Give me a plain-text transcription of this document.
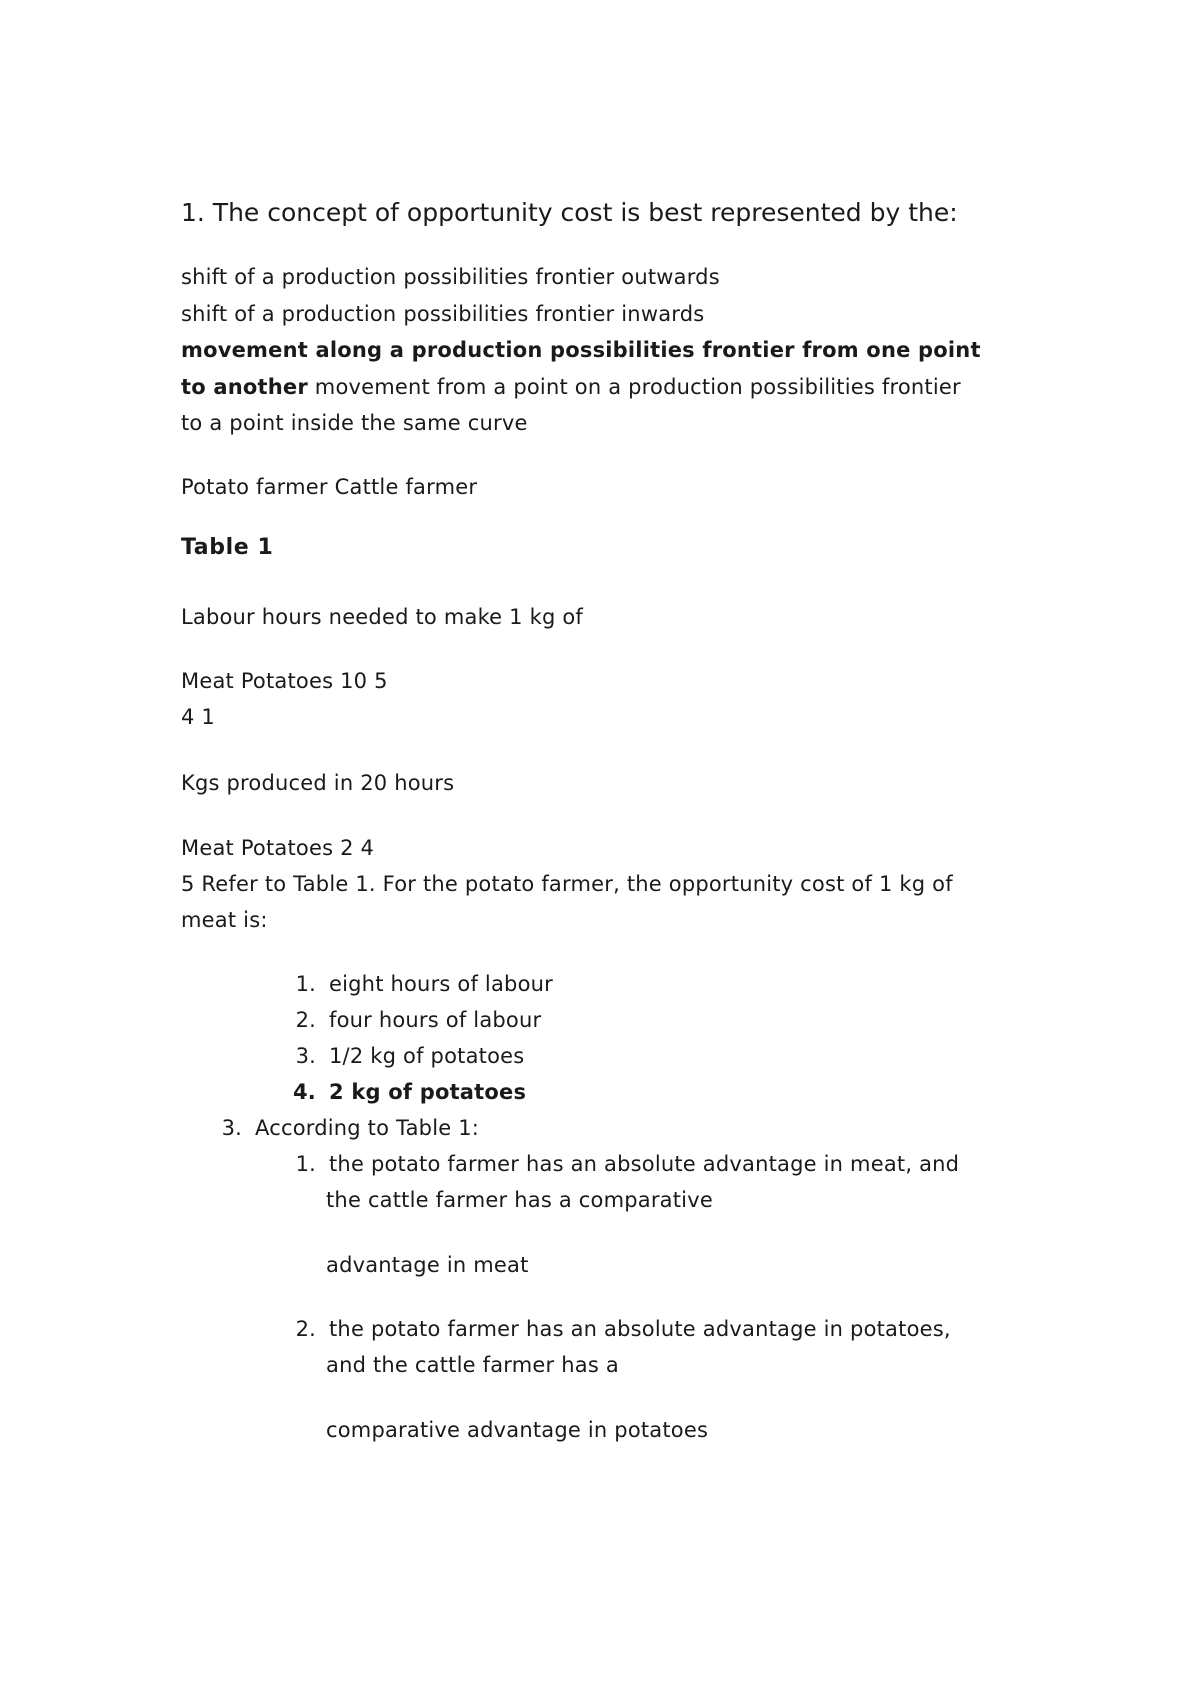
1. The concept of opportunity cost is best represented by the:
shift of a production possibilities frontier outwards
shift of a production possibilities frontier inwards
movement along a production possibilities frontier from one point
to another movement from a point on a production possibilities frontier
to a point inside the same curve
Potato farmer Cattle farmer
Table 1
Labour hours needed to make 1 kg of
Meat Potatoes 10 5
4 1
Kgs produced in 20 hours
Meat Potatoes 2 4
5 Refer to Table 1. For the potato farmer, the opportunity cost of 1 kg of
meat is:
1. eight hours of labour
2. four hours of labour
3. 1/2 kg of potatoes
4. 2 kg of potatoes
3. According to Table 1:
1. the potato farmer has an absolute advantage in meat, and
the cattle farmer has a comparative
advantage in meat
2. the potato farmer has an absolute advantage in potatoes,
and the cattle farmer has a
comparative advantage in potatoes
